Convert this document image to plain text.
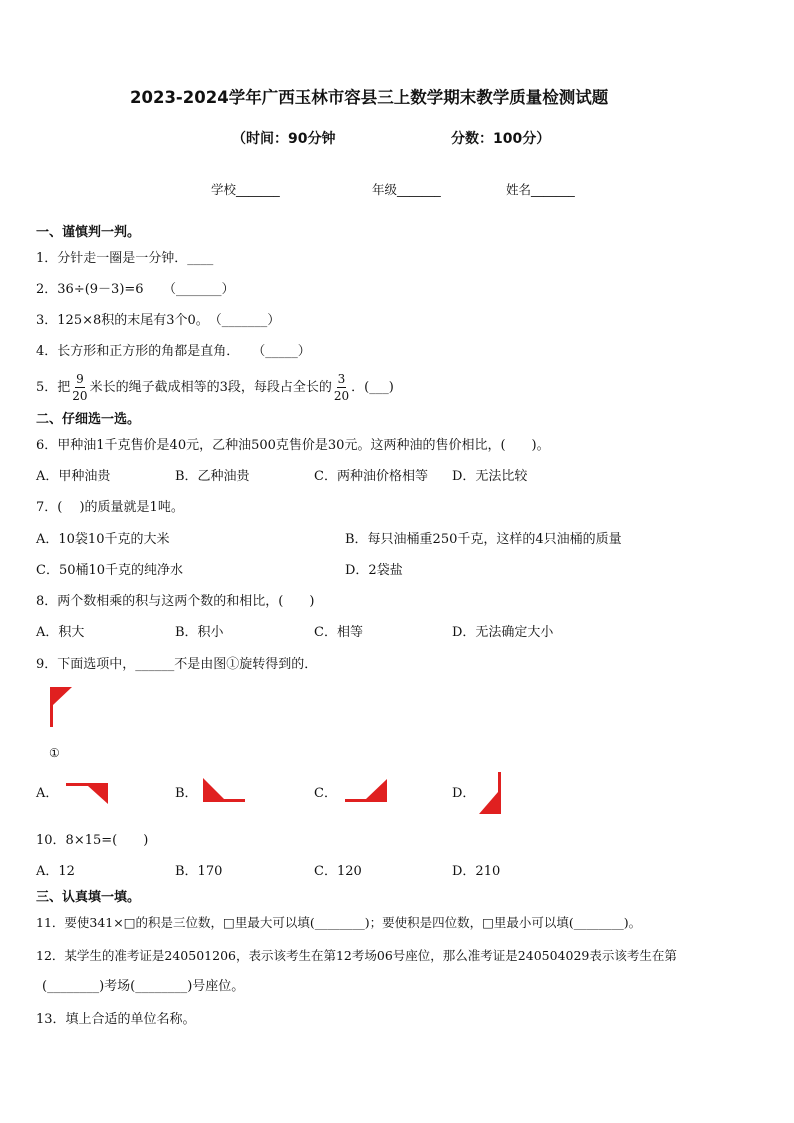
2023-2024学年广西玉林市容县三上数学期末教学质量检测试题
（时间：90分钟	分数：100分）
学校_______	年级_______	姓名_______
一、谨慎判一判。
1．分针走一圈是一分钟．____
2．36÷(9－3)=6　　（_______）
3．125×8积的末尾有3个0。　（_______）
4．长方形和正方形的角都是直角．　　（_____）
5．把 $\frac{9}{20}$ 米长的绳子截成相等的3段，每段占全长的 $\frac{3}{20}$ ．(___)
二、仔细选一选。
6．甲种油1千克售价是40元，乙种油500克售价是30元。这两种油的售价相比，(　　)。
A．甲种油贵	B．乙种油贵	C．两种油价格相等 D．无法比较
7．(　 )的质量就是1吨。
A．10袋10千克的大米	B．每只油桶重250千克，这样的4只油桶的质量
C．50桶10千克的纯净水	D．2袋盐
8．两个数相乘的积与这两个数的和相比，(　　)
A．积大	B．积小	C．相等	D．无法确定大小
9．下面选项中，______不是由图①旋转得到的．
①
A．	B．	C．	D．
10．8×15=(　　)
A．12	B．170	C．120	D．210
三、认真填一填。
11．要使341×□的积是三位数，□里最大可以填(________)；要使积是四位数，□里最小可以填(________)。
12．某学生的准考证是240501206，表示该考生在第12考场06号座位，那么准考证是240504029表示该考生在第
(________)考场(________)号座位。
13．填上合适的单位名称。
